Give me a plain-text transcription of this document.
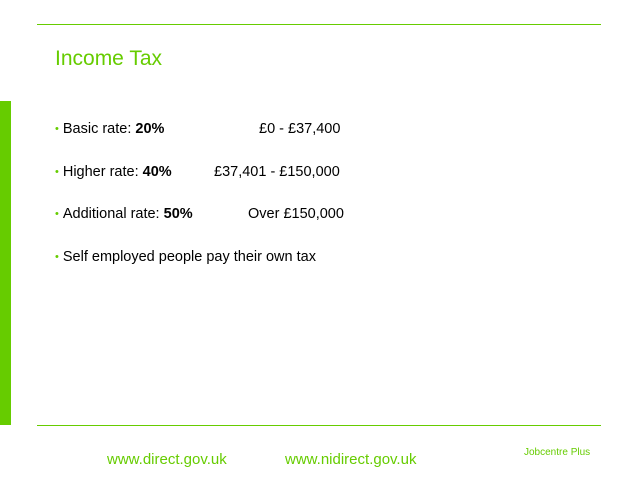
Income Tax
• Basic rate: 20%	£0 - £37,400
• Higher rate: 40%	£37,401 - £150,000
• Additional rate: 50%	Over £150,000
• Self employed people pay their own tax
www.direct.gov.uk	www.nidirect.gov.uk	Jobcentre Plus
